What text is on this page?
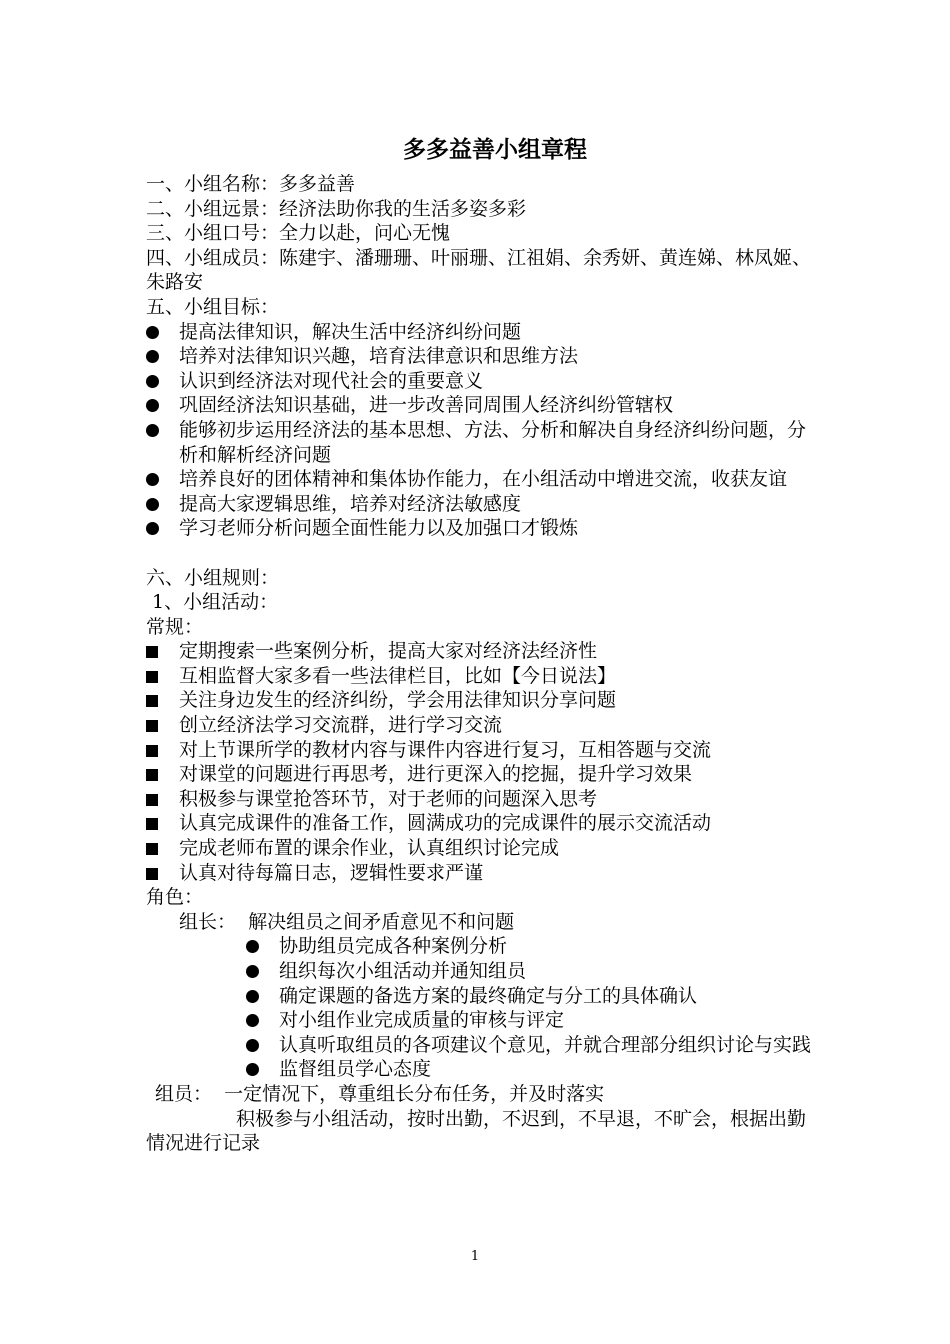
多多益善小组章程
一、小组名称：多多益善
二、小组远景：经济法助你我的生活多姿多彩
三、小组口号：全力以赴，问心无愧
四、小组成员：陈建宇、潘珊珊、叶丽珊、江祖娟、余秀妍、黄连娣、林凤姬、朱路安
五、小组目标：
提高法律知识，解决生活中经济纠纷问题
培养对法律知识兴趣，培育法律意识和思维方法
认识到经济法对现代社会的重要意义
巩固经济法知识基础，进一步改善同周围人经济纠纷管辖权
能够初步运用经济法的基本思想、方法、分析和解决自身经济纠纷问题，分析和解析经济问题
培养良好的团体精神和集体协作能力，在小组活动中增进交流，收获友谊
提高大家逻辑思维，培养对经济法敏感度
学习老师分析问题全面性能力以及加强口才锻炼
六、小组规则：
1、小组活动：
常规：
定期搜索一些案例分析，提高大家对经济法经济性
互相监督大家多看一些法律栏目，比如【今日说法】
关注身边发生的经济纠纷，学会用法律知识分享问题
创立经济法学习交流群，进行学习交流
对上节课所学的教材内容与课件内容进行复习，互相答题与交流
对课堂的问题进行再思考，进行更深入的挖掘，提升学习效果
积极参与课堂抢答环节，对于老师的问题深入思考
认真完成课件的准备工作，圆满成功的完成课件的展示交流活动
完成老师布置的课余作业，认真组织讨论完成
认真对待每篇日志，逻辑性要求严谨
角色：
组长：  解决组员之间矛盾意见不和问题
协助组员完成各种案例分析
组织每次小组活动并通知组员
确定课题的备选方案的最终确定与分工的具体确认
对小组作业完成质量的审核与评定
认真听取组员的各项建议个意见，并就合理部分组织讨论与实践
监督组员学心态度
组员：  一定情况下，尊重组长分布任务，并及时落实
积极参与小组活动，按时出勤，不迟到，不早退，不旷会，根据出勤情况进行记录
1
